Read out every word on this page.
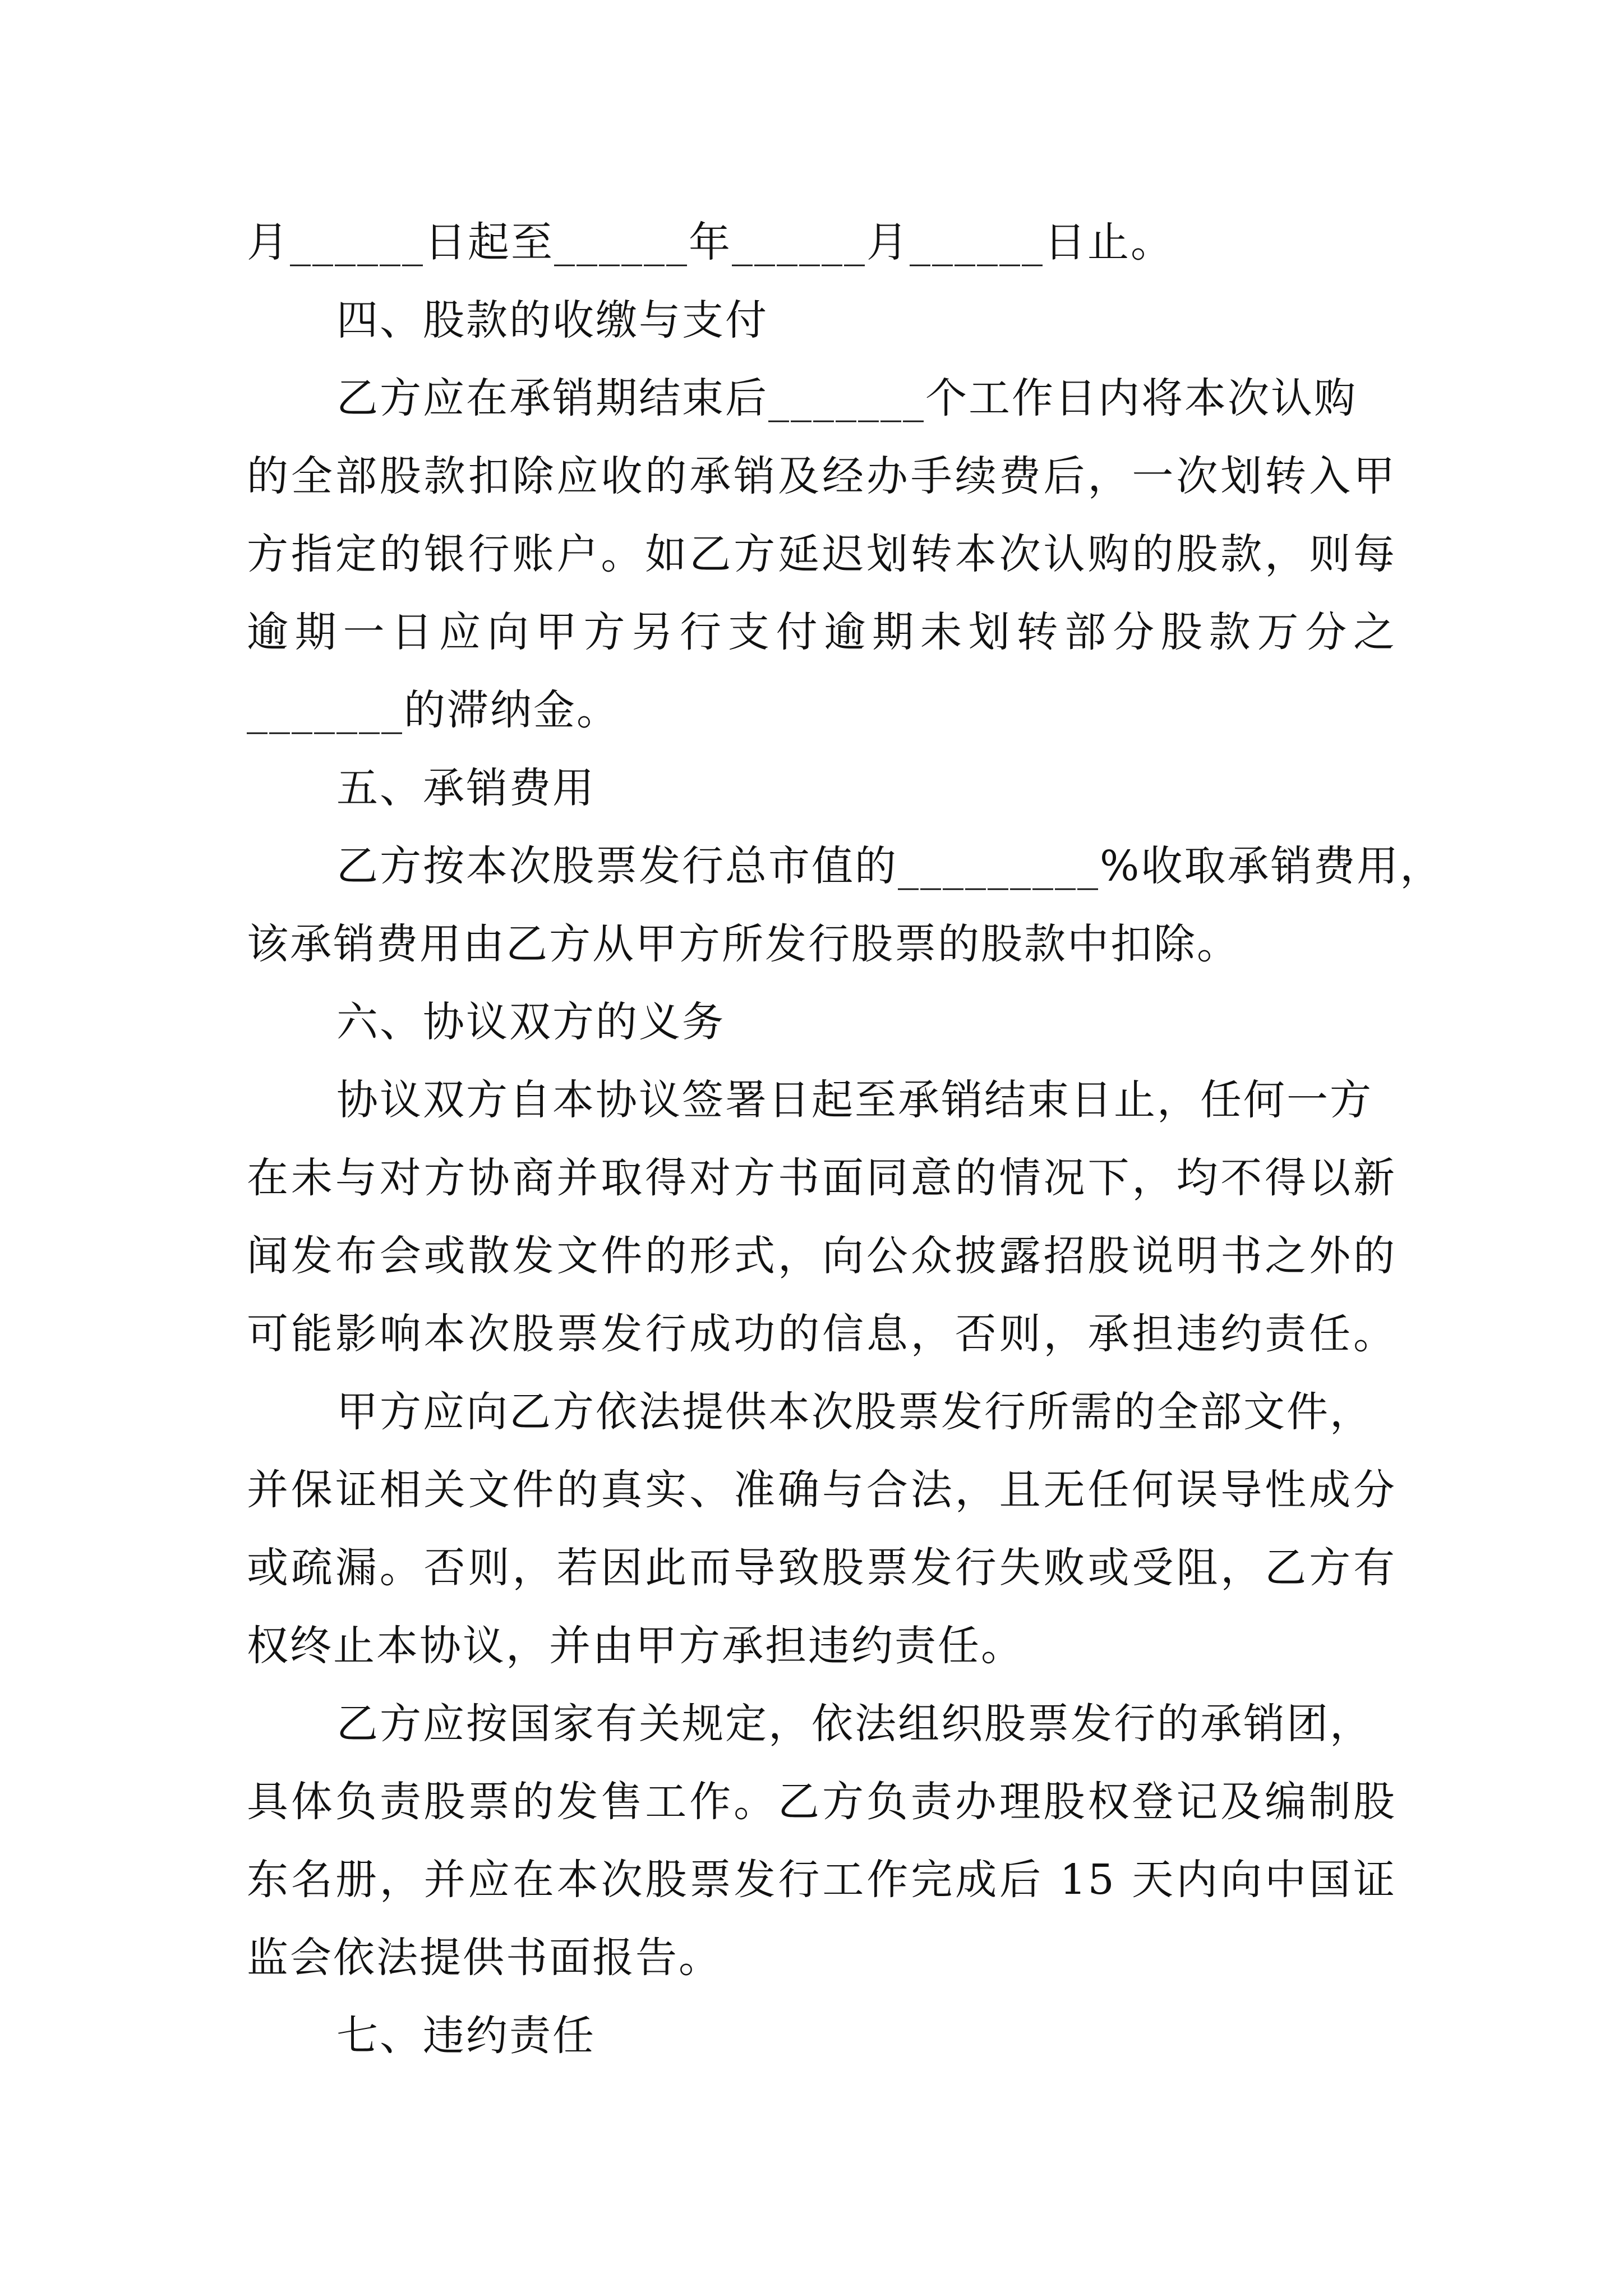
月______日起至______年______月______日止。
四、股款的收缴与支付
乙方应在承销期结束后_______个工作日内将本次认购
的全部股款扣除应收的承销及经办手续费后，一次划转入甲
方指定的银行账户。如乙方延迟划转本次认购的股款，则每
逾期一日应向甲方另行支付逾期未划转部分股款万分之
_______的滞纳金。
五、承销费用
乙方按本次股票发行总市值的_________%收取承销费用，
该承销费用由乙方从甲方所发行股票的股款中扣除。
六、协议双方的义务
协议双方自本协议签署日起至承销结束日止，任何一方
在未与对方协商并取得对方书面同意的情况下，均不得以新
闻发布会或散发文件的形式，向公众披露招股说明书之外的
可能影响本次股票发行成功的信息，否则，承担违约责任。
甲方应向乙方依法提供本次股票发行所需的全部文件，
并保证相关文件的真实、准确与合法，且无任何误导性成分
或疏漏。否则，若因此而导致股票发行失败或受阻，乙方有
权终止本协议，并由甲方承担违约责任。
乙方应按国家有关规定，依法组织股票发行的承销团，
具体负责股票的发售工作。乙方负责办理股权登记及编制股
东名册，并应在本次股票发行工作完成后 15 天内向中国证
监会依法提供书面报告。
七、违约责任
